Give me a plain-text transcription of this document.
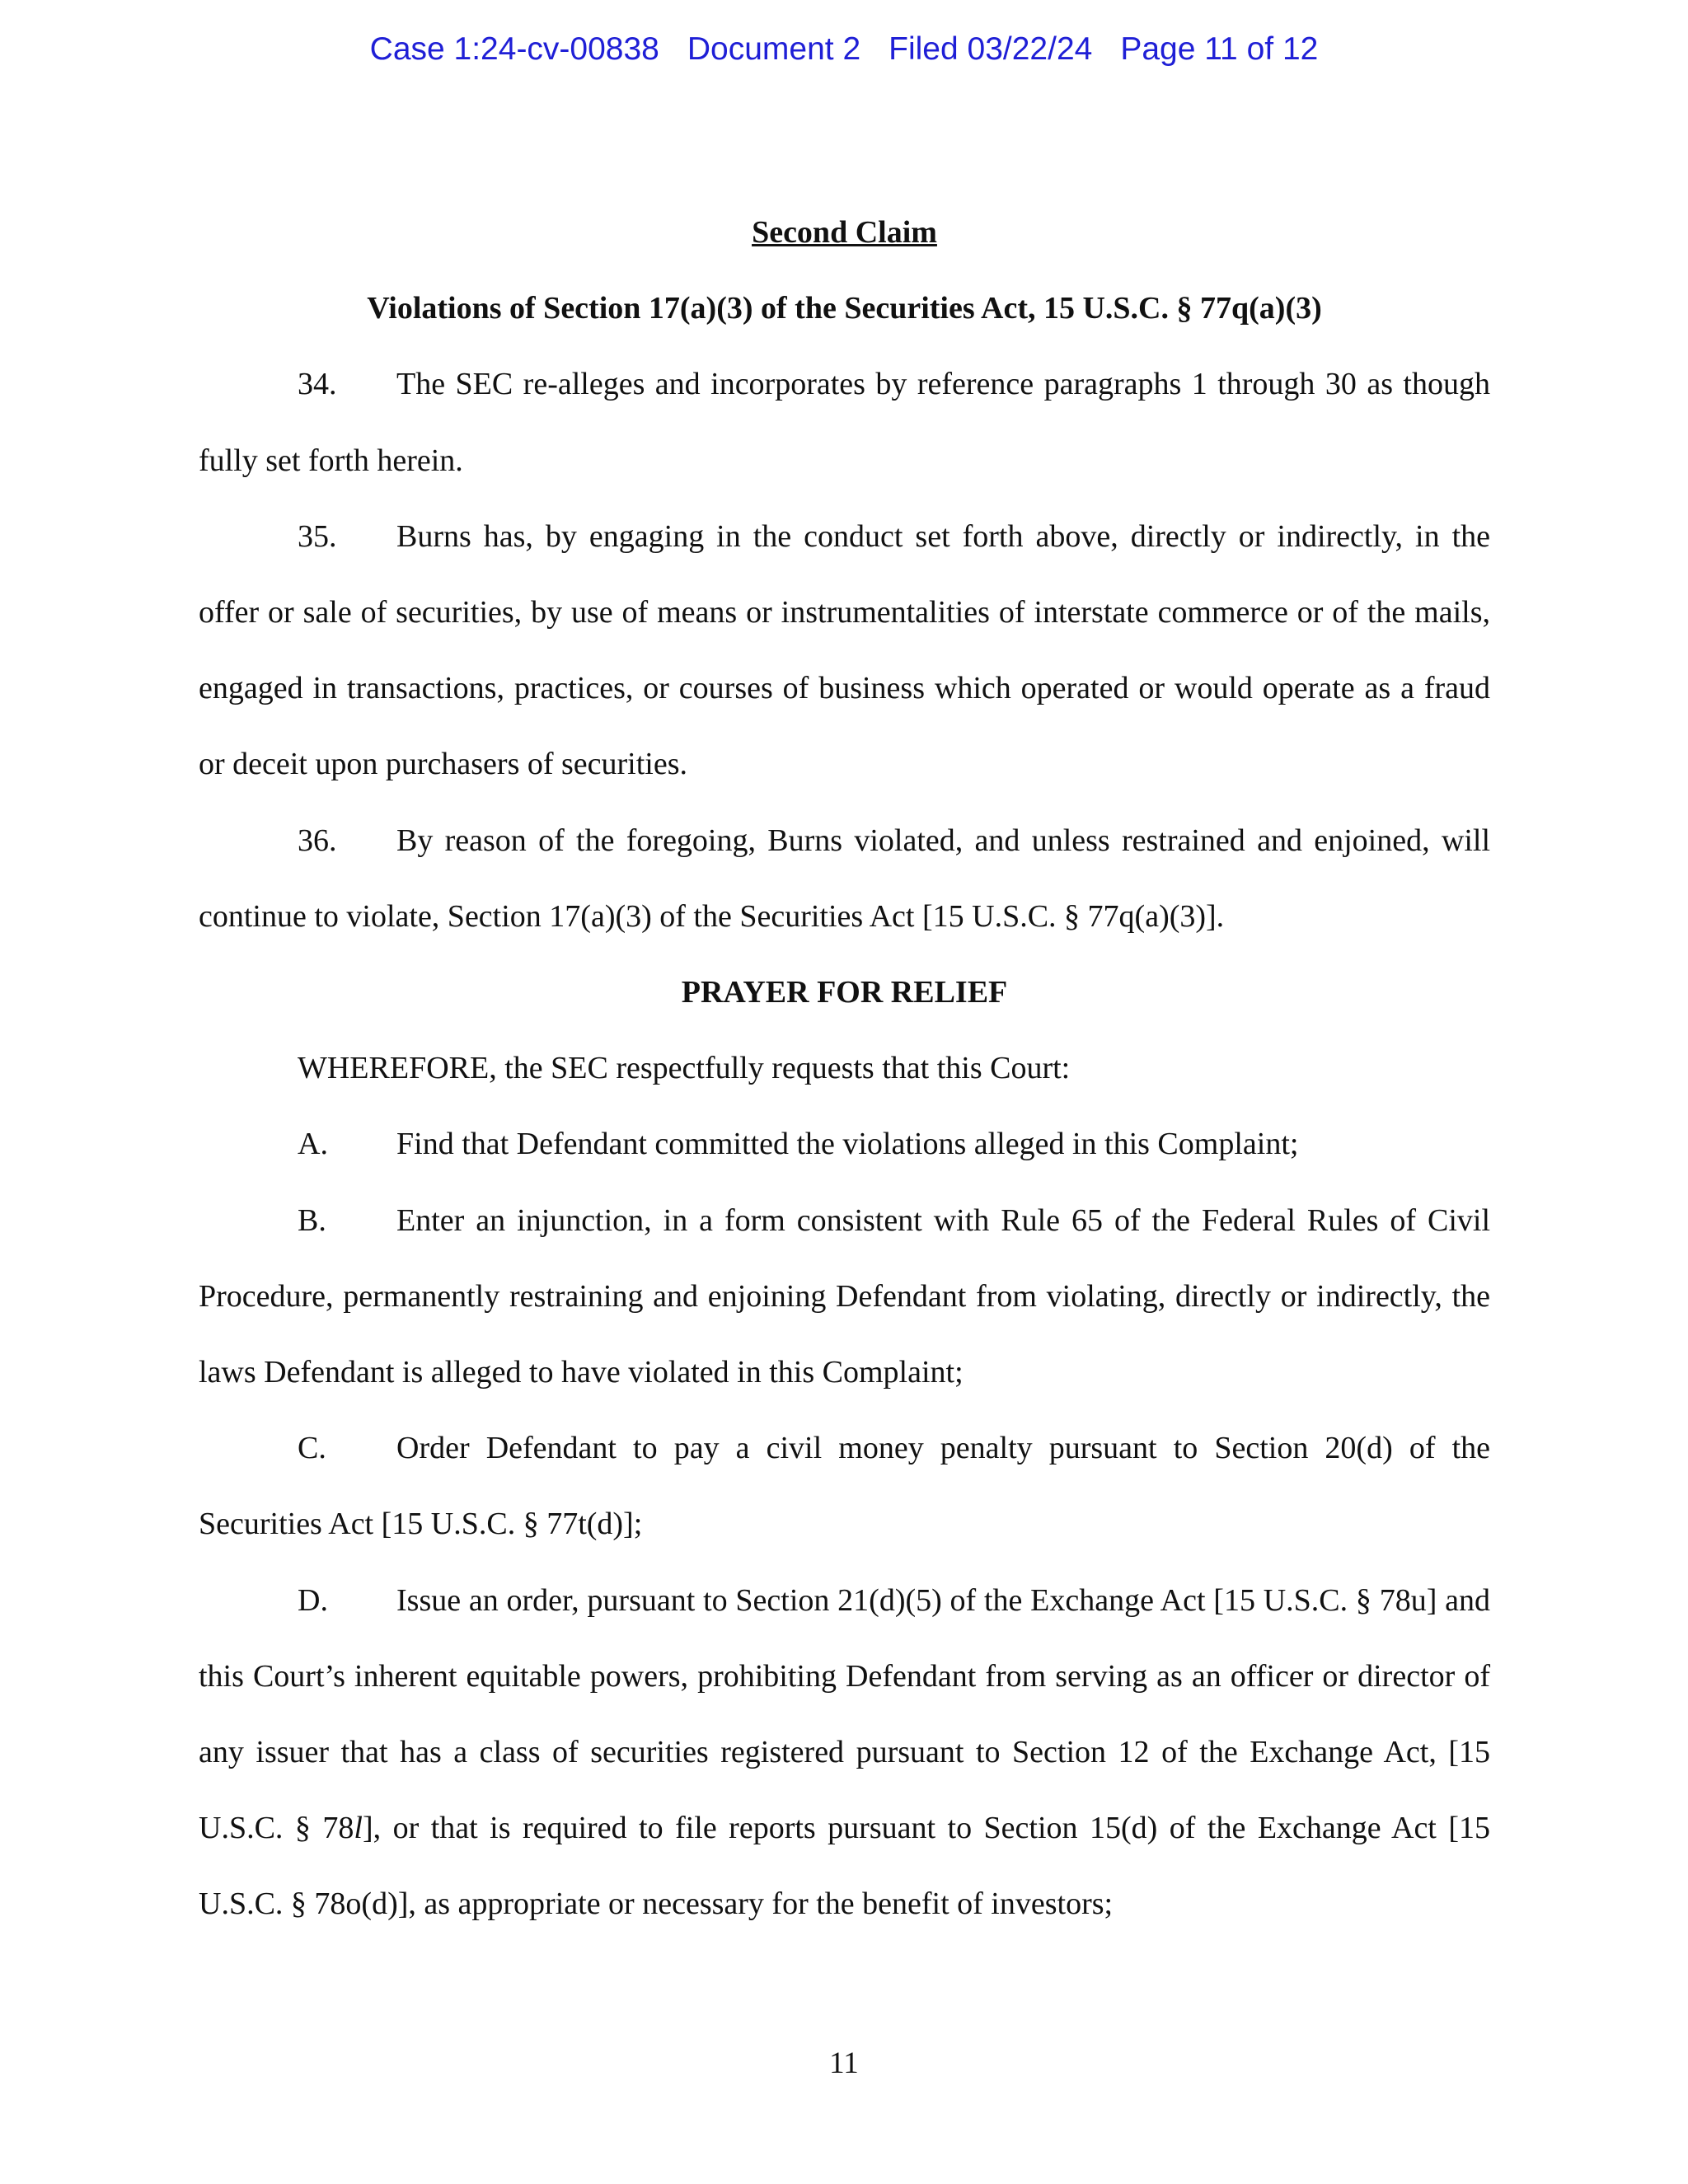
Case 1:24-cv-00838 Document 2 Filed 03/22/24 Page 11 of 12

Second Claim

Violations of Section 17(a)(3) of the Securities Act, 15 U.S.C. § 77q(a)(3)

34. The SEC re-alleges and incorporates by reference paragraphs 1 through 30 as though fully set forth herein.

35. Burns has, by engaging in the conduct set forth above, directly or indirectly, in the offer or sale of securities, by use of means or instrumentalities of interstate commerce or of the mails, engaged in transactions, practices, or courses of business which operated or would operate as a fraud or deceit upon purchasers of securities.

36. By reason of the foregoing, Burns violated, and unless restrained and enjoined, will continue to violate, Section 17(a)(3) of the Securities Act [15 U.S.C. § 77q(a)(3)].

PRAYER FOR RELIEF

WHEREFORE, the SEC respectfully requests that this Court:

A. Find that Defendant committed the violations alleged in this Complaint;

B. Enter an injunction, in a form consistent with Rule 65 of the Federal Rules of Civil Procedure, permanently restraining and enjoining Defendant from violating, directly or indirectly, the laws Defendant is alleged to have violated in this Complaint;

C. Order Defendant to pay a civil money penalty pursuant to Section 20(d) of the Securities Act [15 U.S.C. § 77t(d)];

D. Issue an order, pursuant to Section 21(d)(5) of the Exchange Act [15 U.S.C. § 78u] and this Court’s inherent equitable powers, prohibiting Defendant from serving as an officer or director of any issuer that has a class of securities registered pursuant to Section 12 of the Exchange Act, [15 U.S.C. § 78l], or that is required to file reports pursuant to Section 15(d) of the Exchange Act [15 U.S.C. § 78o(d)], as appropriate or necessary for the benefit of investors;

11
